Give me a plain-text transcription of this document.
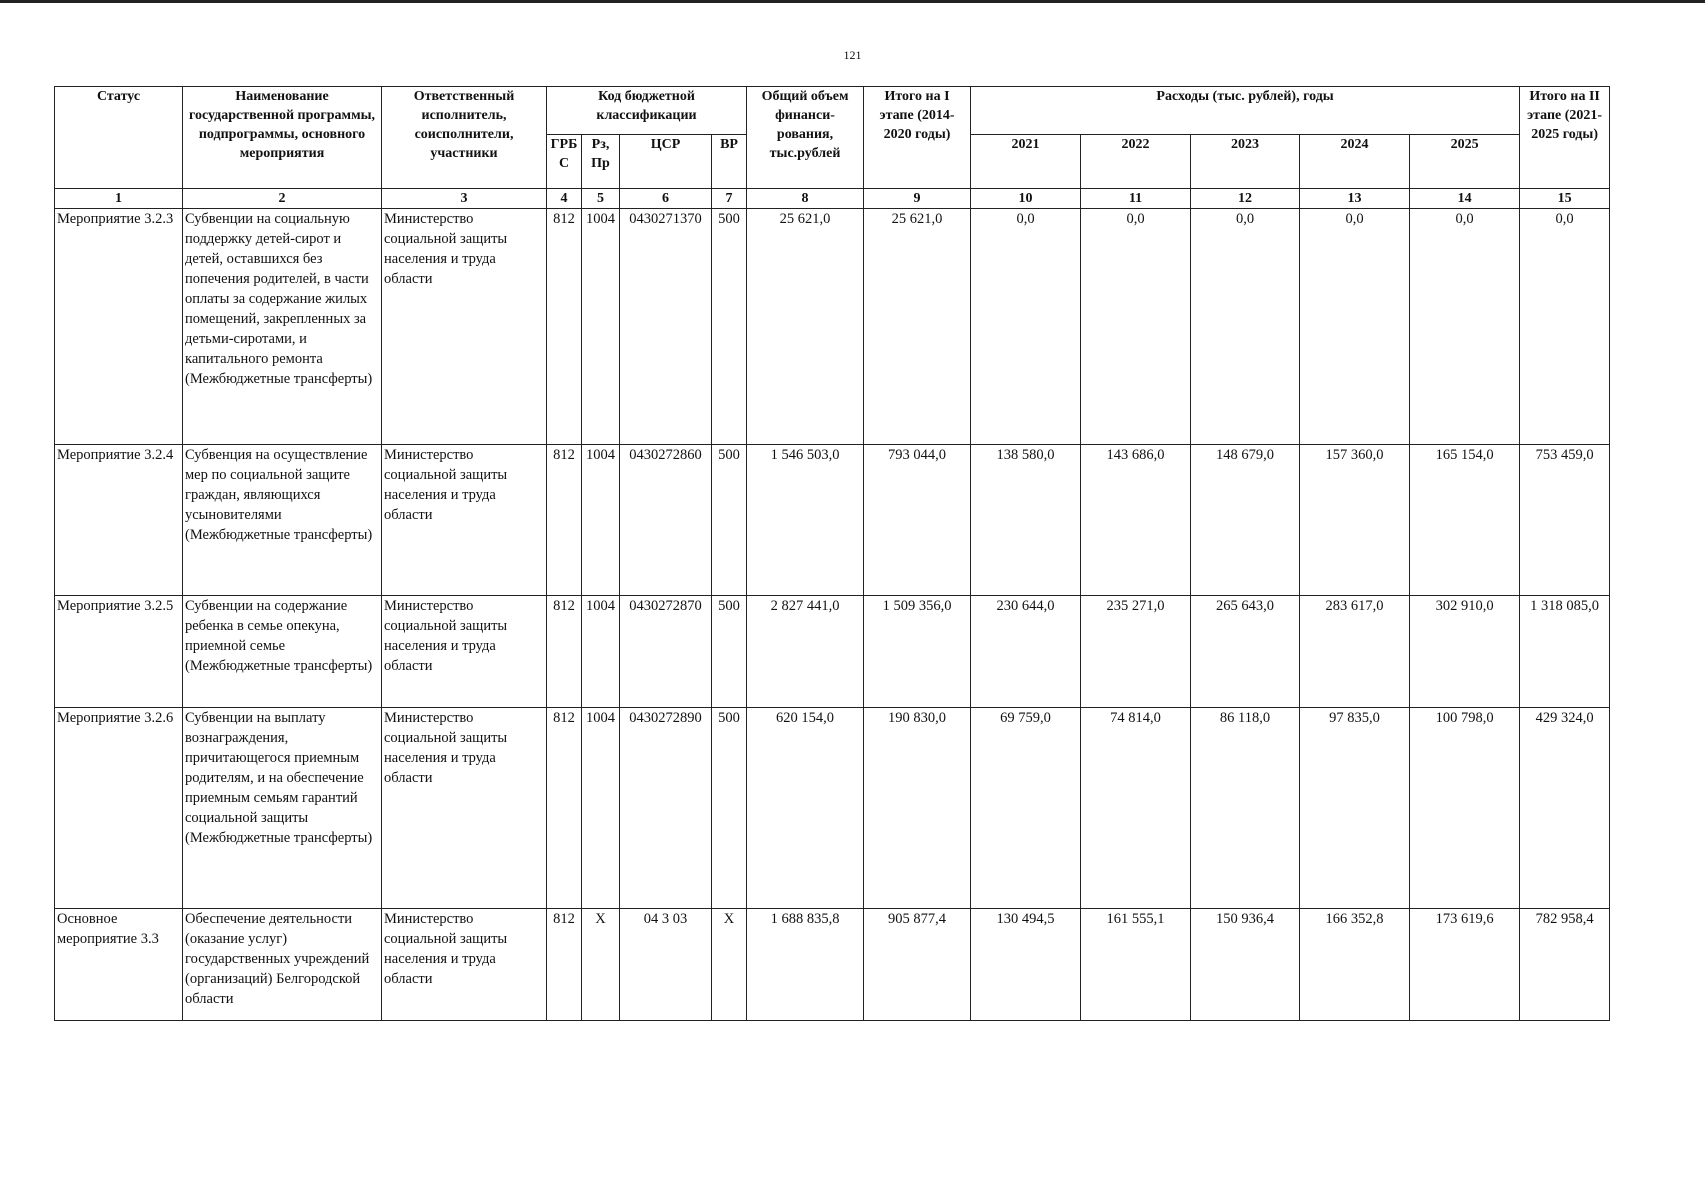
121
Статус	Наименование государственной программы, подпрограммы, основного мероприятия	Ответственный исполнитель, соисполнители, участники	Код бюджетной классификации				Общий объем финанси- рования, тыс.рублей	Итого на I этапе (2014-2020 годы)	Расходы (тыс. рублей), годы					Итого на II этапе (2021-2025 годы)
			ГРБ С	Рз, Пр	ЦСР	ВР			2021	2022	2023	2024	2025	
1	2	3	4	5	6	7	8	9	10	11	12	13	14	15
Мероприятие 3.2.3	Субвенции на социальную поддержку детей-сирот и детей, оставшихся без попечения родителей, в части оплаты за содержание жилых помещений, закрепленных за детьми-сиротами, и капитального ремонта (Межбюджетные трансферты)	Министерство социальной защиты населения и труда области	812	1004	0430271370	500	25 621,0	25 621,0	0,0	0,0	0,0	0,0	0,0	0,0
Мероприятие 3.2.4	Субвенция на осуществление мер по социальной защите граждан, являющихся усыновителями (Межбюджетные трансферты)	Министерство социальной защиты населения и труда области	812	1004	0430272860	500	1 546 503,0	793 044,0	138 580,0	143 686,0	148 679,0	157 360,0	165 154,0	753 459,0
Мероприятие 3.2.5	Субвенции на содержание ребенка в семье опекуна, приемной семье (Межбюджетные трансферты)	Министерство социальной защиты населения и труда области	812	1004	0430272870	500	2 827 441,0	1 509 356,0	230 644,0	235 271,0	265 643,0	283 617,0	302 910,0	1 318 085,0
Мероприятие 3.2.6	Субвенции на выплату вознаграждения, причитающегося приемным родителям, и на обеспечение приемным семьям гарантий социальной защиты (Межбюджетные трансферты)	Министерство социальной защиты населения и труда области	812	1004	0430272890	500	620 154,0	190 830,0	69 759,0	74 814,0	86 118,0	97 835,0	100 798,0	429 324,0
Основное мероприятие 3.3	Обеспечение деятельности (оказание услуг) государственных учреждений (организаций) Белгородской области	Министерство социальной защиты населения и труда области	812	Х	04 3 03	Х	1 688 835,8	905 877,4	130 494,5	161 555,1	150 936,4	166 352,8	173 619,6	782 958,4
